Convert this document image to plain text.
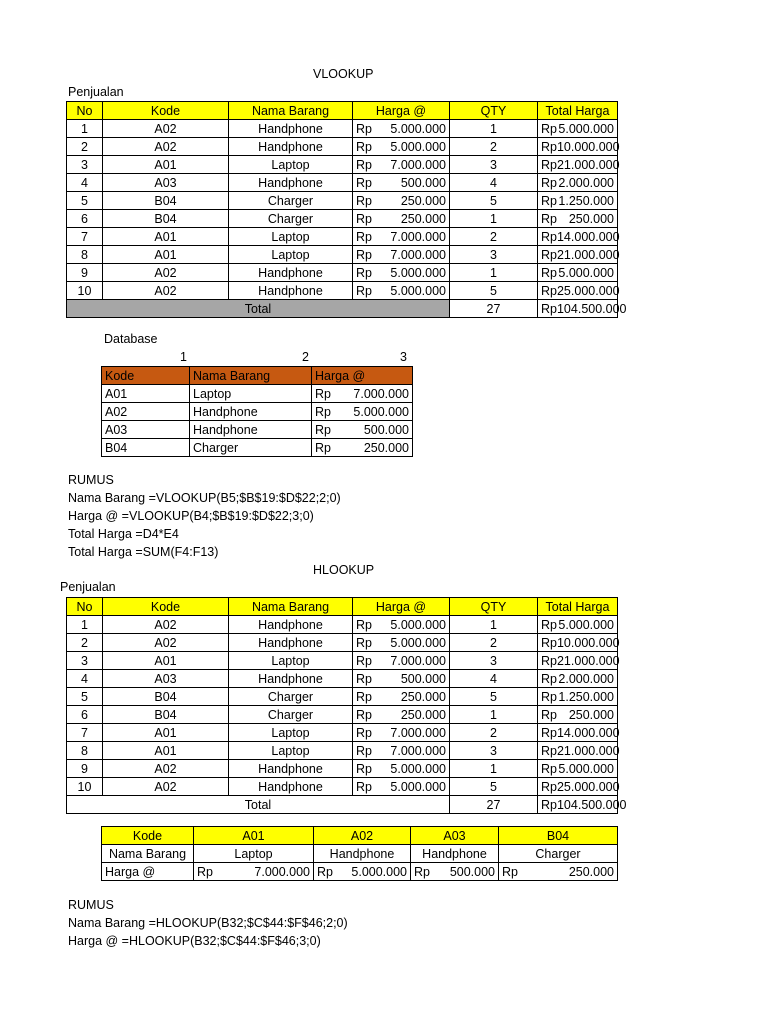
VLOOKUP
Penjualan
No	Kode	Nama Barang	Harga @	QTY	Total Harga
1	A02	Handphone	Rp 5.000.000	1	Rp 5.000.000

2	A02	Handphone	Rp 5.000.000	2	Rp 10.000.000

3	A01	Laptop	Rp 7.000.000	3	Rp 21.000.000

4	A03	Handphone	Rp 500.000	4	Rp 2.000.000

5	B04	Charger	Rp 250.000	5	Rp 1.250.000

6	B04	Charger	Rp 250.000	1	Rp 250.000

7	A01	Laptop	Rp 7.000.000	2	Rp 14.000.000

8	A01	Laptop	Rp 7.000.000	3	Rp 21.000.000

9	A02	Handphone	Rp 5.000.000	1	Rp 5.000.000

10	A02	Handphone	Rp 5.000.000	5	Rp 25.000.000

Total				27	Rp 104.500.000
Database
1	2	3
Kode	Nama Barang	Harga @
A01	Laptop	Rp 7.000.000

A02	Handphone	Rp 5.000.000

A03	Handphone	Rp 500.000

B04	Charger	Rp 250.000
RUMUS
Nama Barang =VLOOKUP(B5;$B$19:$D$22;2;0)
Harga @ =VLOOKUP(B4;$B$19:$D$22;3;0)
Total Harga =D4*E4
Total Harga =SUM(F4:F13)
HLOOKUP
Penjualan
No	Kode	Nama Barang	Harga @	QTY	Total Harga
1	A02	Handphone	Rp 5.000.000	1	Rp 5.000.000

2	A02	Handphone	Rp 5.000.000	2	Rp 10.000.000

3	A01	Laptop	Rp 7.000.000	3	Rp 21.000.000

4	A03	Handphone	Rp 500.000	4	Rp 2.000.000

5	B04	Charger	Rp 250.000	5	Rp 1.250.000

6	B04	Charger	Rp 250.000	1	Rp 250.000

7	A01	Laptop	Rp 7.000.000	2	Rp 14.000.000

8	A01	Laptop	Rp 7.000.000	3	Rp 21.000.000

9	A02	Handphone	Rp 5.000.000	1	Rp 5.000.000

10	A02	Handphone	Rp 5.000.000	5	Rp 25.000.000

Total				27	Rp 104.500.000
Kode	A01	A02	A03	B04
Nama Barang	Laptop	Handphone	Handphone	Charger
Harga @	Rp 7.000.000	Rp 5.000.000	Rp 500.000	Rp 250.000
RUMUS
Nama Barang =HLOOKUP(B32;$C$44:$F$46;2;0)
Harga @ =HLOOKUP(B32;$C$44:$F$46;3;0)
